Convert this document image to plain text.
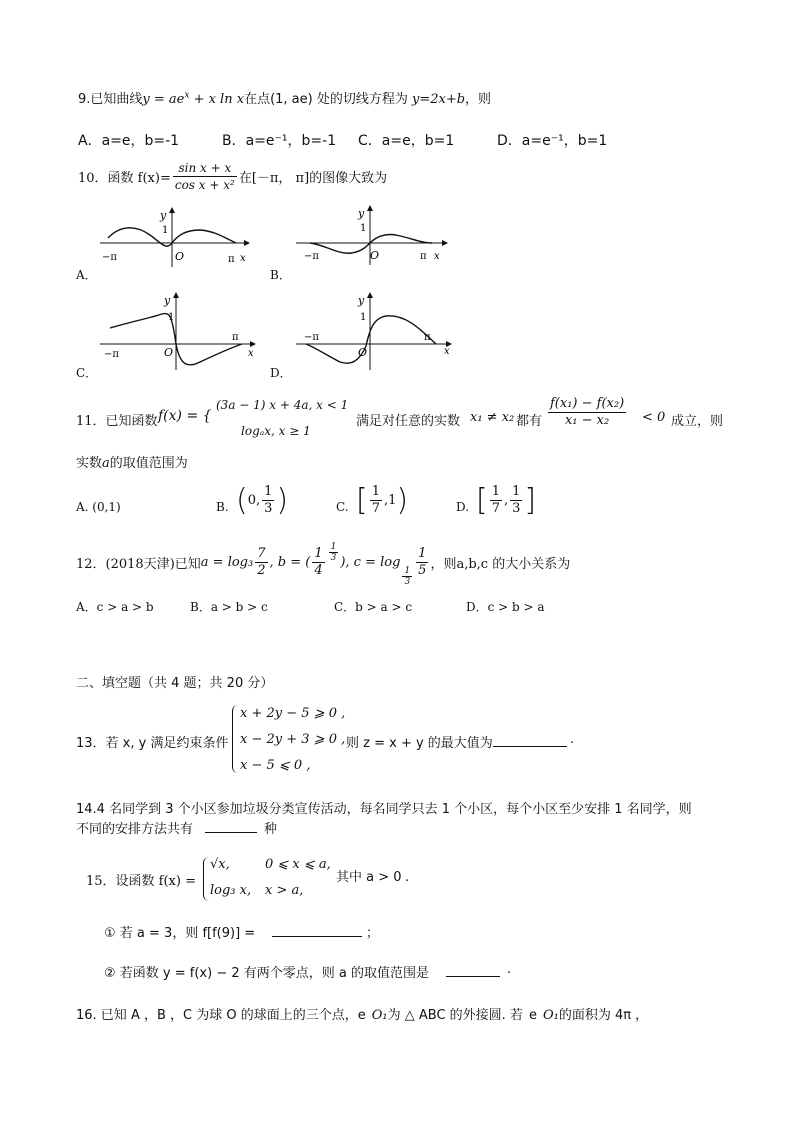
9.已知曲线$y = ae^x + x$ ln x在点(1, ae) 处的切线方程为 y=2x+b，则
A．a=e，b=-1	B．a=e⁻¹，b=-1 C．a=e，b=1	D．a=e⁻¹，b=1
10．函数 $f(x)= \frac{\text{sin x + x}}{\text{cos x + x²}}$ 在[－π， π]的图像大致为
y
1
O
−π	π x
A．
y
1
O
−π	π x
B．
y
1
O
−π
π
x
C．
y
1
O
−π	π
x
D．
11．已知函数 f(x) = {
(3a − 1) x + 4a, x < 1
logₐx, x ≥ 1
满足对任意的实数 x₁ ≠ x₂ 都有 $\frac{\text{f(x₁) − f(x₂)}}{\text{x₁ − x₂}} < 0$ 成立，则
实数a的取值范围为
A. (0,1)	B. ( 0, $\frac{1}{3}$ )	C. [ $\frac{1}{7} ,1$ )	D. [ $\frac{1}{7}$ , $\frac{1}{3}$ ]
12．(2018天津)已知 $a = \log_3 \frac{7}{2}$ , b = ( $\frac{1}{4} \frac{1}{3}$ ), c = log
$\frac{1}{3} \frac{1}{5}$ ，则a,b,c 的大小关系为
A．c > a > b	B．a > b > c	C．b > a > c	D．c > b > a
二、填空题（共 4 题；共 20 分）
13．若 x, y 满足约束条件
x + 2y − 5 ⩾ 0 ,
x − 2y + 3 ⩾ 0 ,
x − 5 ⩽ 0 ,
则 z = x + y 的最大值为	.
14.4 名同学到 3 个小区参加垃圾分类宣传活动，每名同学只去 1 个小区，每个小区至少安排 1 名同学，则
不同的安排方法共有	种
15．设函数 f(x) =
√x,	0 ⩽ x ⩽ a,
log₃ x, x > a,
其中 a > 0 .
① 若 a = 3，则 f[f(9)] =	；
② 若函数 y = f(x) − 2 有两个零点，则 a 的取值范围是	.
16. 已知 A ，B ，C 为球 O 的球面上的三个点，e O₁为 △ ABC 的外接圆. 若 e O₁的面积为 4π ，
